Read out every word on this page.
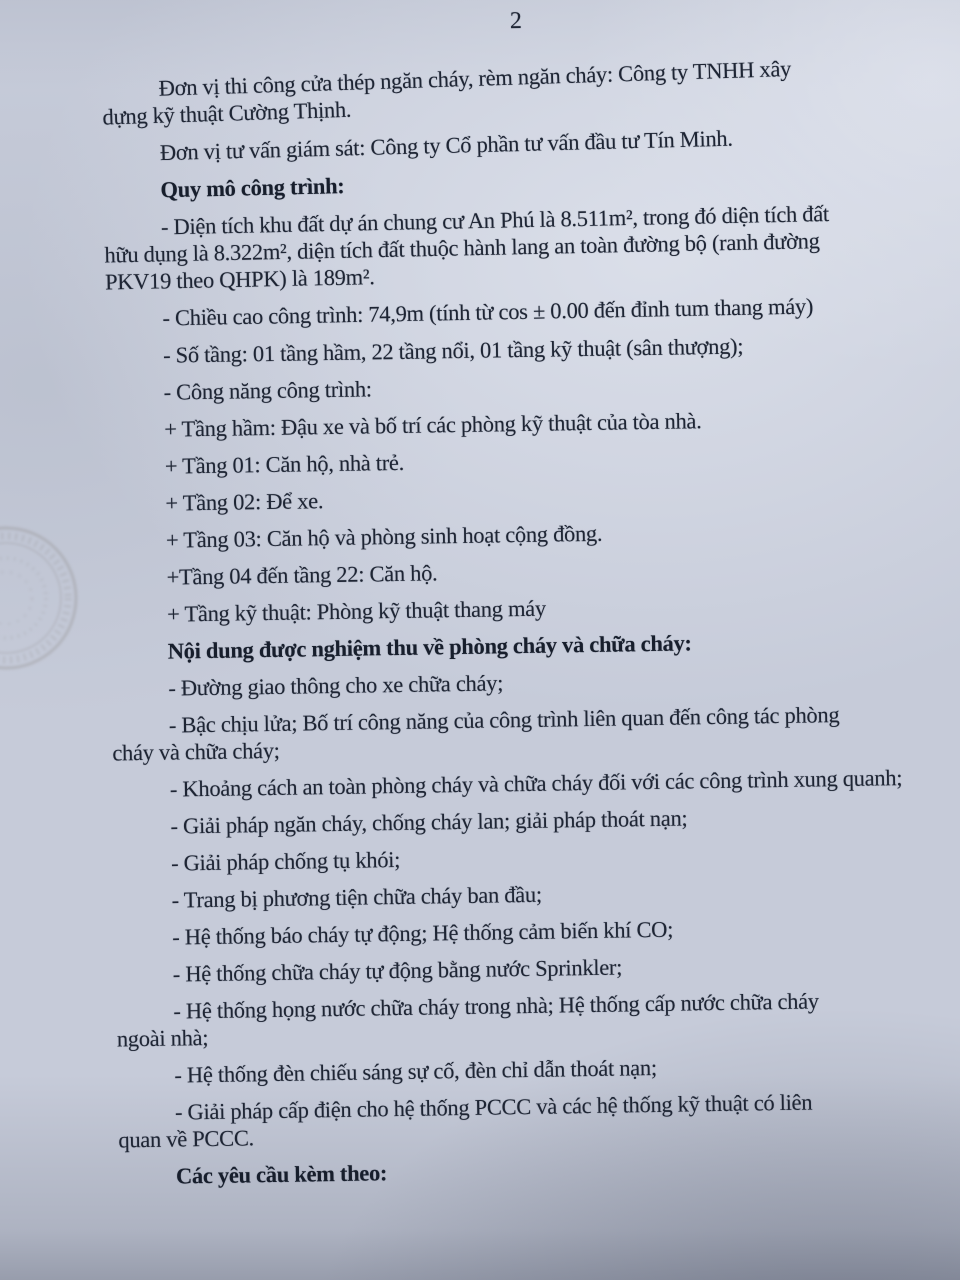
2

Đơn vị thi công cửa thép ngăn cháy, rèm ngăn cháy: Công ty TNHH xây
dựng kỹ thuật Cường Thịnh.

Đơn vị tư vấn giám sát: Công ty Cổ phần tư vấn đầu tư Tín Minh.

Quy mô công trình:

- Diện tích khu đất dự án chung cư An Phú là 8.511m², trong đó diện tích đất
hữu dụng là 8.322m², diện tích đất thuộc hành lang an toàn đường bộ (ranh đường
PKV19 theo QHPK) là 189m².

- Chiều cao công trình: 74,9m (tính từ cos ± 0.00 đến đỉnh tum thang máy)

- Số tầng: 01 tầng hầm, 22 tầng nổi, 01 tầng kỹ thuật (sân thượng);

- Công năng công trình:

+ Tầng hầm: Đậu xe và bố trí các phòng kỹ thuật của tòa nhà.

+ Tầng 01: Căn hộ, nhà trẻ.

+ Tầng 02: Để xe.

+ Tầng 03: Căn hộ và phòng sinh hoạt cộng đồng.

+Tầng 04 đến tầng 22: Căn hộ.

+ Tầng kỹ thuật: Phòng kỹ thuật thang máy

Nội dung được nghiệm thu về phòng cháy và chữa cháy:

- Đường giao thông cho xe chữa cháy;

- Bậc chịu lửa; Bố trí công năng của công trình liên quan đến công tác phòng
cháy và chữa cháy;

- Khoảng cách an toàn phòng cháy và chữa cháy đối với các công trình xung quanh;

- Giải pháp ngăn cháy, chống cháy lan; giải pháp thoát nạn;

- Giải pháp chống tụ khói;

- Trang bị phương tiện chữa cháy ban đầu;

- Hệ thống báo cháy tự động; Hệ thống cảm biến khí CO;

- Hệ thống chữa cháy tự động bằng nước Sprinkler;

- Hệ thống họng nước chữa cháy trong nhà; Hệ thống cấp nước chữa cháy
ngoài nhà;

- Hệ thống đèn chiếu sáng sự cố, đèn chỉ dẫn thoát nạn;

- Giải pháp cấp điện cho hệ thống PCCC và các hệ thống kỹ thuật có liên
quan về PCCC.

Các yêu cầu kèm theo:
